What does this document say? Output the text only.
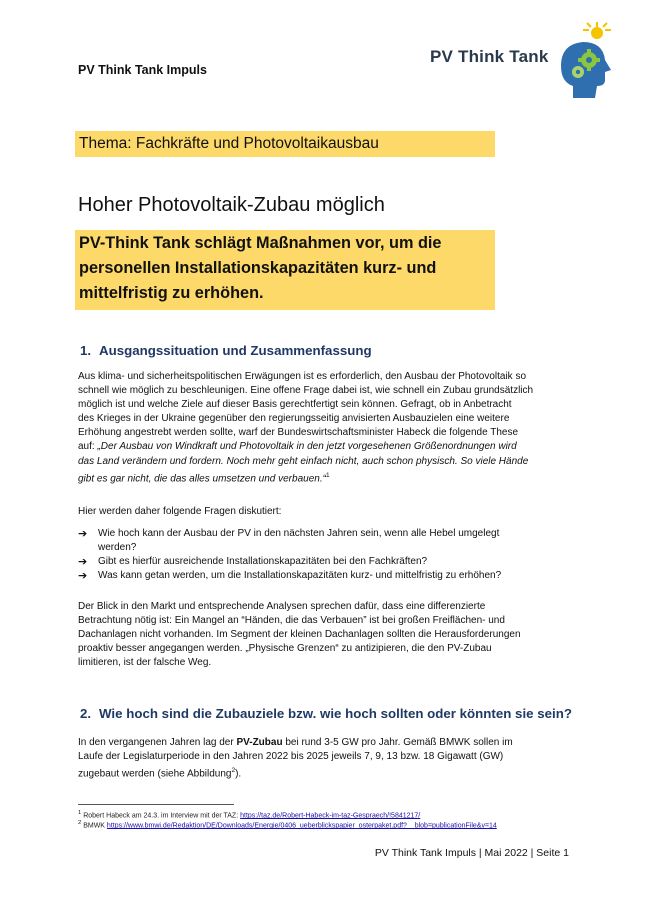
PV Think Tank Impuls
PV Think Tank
Thema: Fachkräfte und Photovoltaikausbau
Hoher Photovoltaik-Zubau möglich
PV-Think Tank schlägt Maßnahmen vor, um die
personellen Installationskapazitäten kurz- und
mittelfristig zu erhöhen.
1. Ausgangssituation und Zusammenfassung
Aus klima- und sicherheitspolitischen Erwägungen ist es erforderlich, den Ausbau der Photovoltaik so
schnell wie möglich zu beschleunigen. Eine offene Frage dabei ist, wie schnell ein Zubau grundsätzlich
möglich ist und welche Ziele auf dieser Basis gerechtfertigt sein können. Gefragt, ob in Anbetracht
des Krieges in der Ukraine gegenüber den regierungsseitig anvisierten Ausbauzielen eine weitere
Erhöhung angestrebt werden sollte, warf der Bundeswirtschaftsminister Habeck die folgende These
auf: „Der Ausbau von Windkraft und Photovoltaik in den jetzt vorgesehenen Größenordnungen wird
das Land verändern und fordern. Noch mehr geht einfach nicht, auch schon physisch. So viele Hände
gibt es gar nicht, die das alles umsetzen und verbauen.“$^1$
Hier werden daher folgende Fragen diskutiert:
➔ Wie hoch kann der Ausbau der PV in den nächsten Jahren sein, wenn alle Hebel umgelegt
werden?
➔ Gibt es hierfür ausreichende Installationskapazitäten bei den Fachkräften?
➔ Was kann getan werden, um die Installationskapazitäten kurz- und mittelfristig zu erhöhen?
Der Blick in den Markt und entsprechende Analysen sprechen dafür, dass eine differenzierte
Betrachtung nötig ist: Ein Mangel an “Händen, die das Verbauen” ist bei großen Freiflächen- und
Dachanlagen nicht vorhanden. Im Segment der kleinen Dachanlagen sollten die Herausforderungen
proaktiv besser angegangen werden. „Physische Grenzen“ zu antizipieren, die den PV-Zubau
limitieren, ist der falsche Weg.
2. Wie hoch sind die Zubauziele bzw. wie hoch sollten oder könnten sie sein?
In den vergangenen Jahren lag der PV-Zubau bei rund 3-5 GW pro Jahr. Gemäß BMWK sollen im
Laufe der Legislaturperiode in den Jahren 2022 bis 2025 jeweils 7, 9, 13 bzw. 18 Gigawatt (GW)
zugebaut werden (siehe Abbildung$^2$).
$^1$ Robert Habeck am 24.3. im Interview mit der TAZ: https://taz.de/Robert-Habeck-im-taz-Gespraech/!5841217/
$^2$ BMWK https://www.bmwi.de/Redaktion/DE/Downloads/Energie/0406_ueberblickspapier_osterpaket.pdf?__blob=publicationFile&v=14
PV Think Tank Impuls | Mai 2022 | Seite 1
